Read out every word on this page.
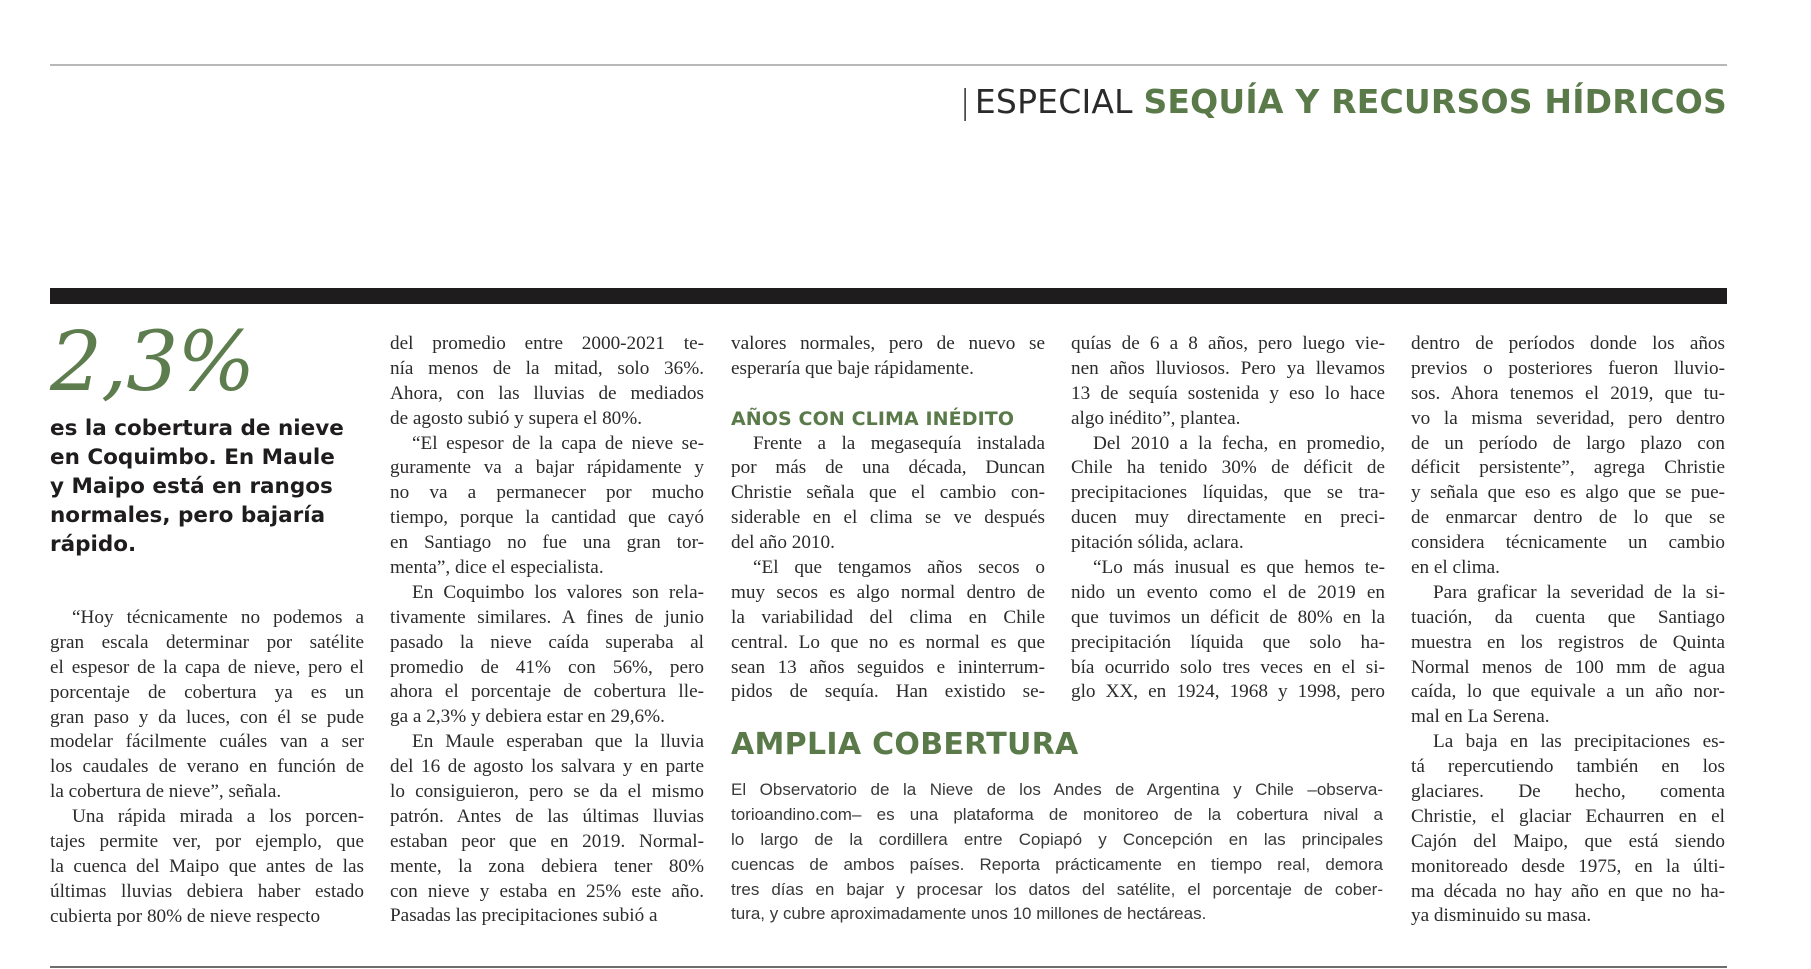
| ESPECIAL SEQUÍA Y RECURSOS HÍDRICOS
2,3%
es la cobertura de nieve
en Coquimbo. En Maule
y Maipo está en rangos
normales, pero bajaría
rápido.
“Hoy técnicamente no podemos a
gran escala determinar por satélite
el espesor de la capa de nieve, pero el
porcentaje de cobertura ya es un
gran paso y da luces, con él se pude
modelar fácilmente cuáles van a ser
los caudales de verano en función de
la cobertura de nieve”, señala.
Una rápida mirada a los porcen-
tajes permite ver, por ejemplo, que
la cuenca del Maipo que antes de las
últimas lluvias debiera haber estado
cubierta por 80% de nieve respecto
del promedio entre 2000-2021 te-
nía menos de la mitad, solo 36%.
Ahora, con las lluvias de mediados
de agosto subió y supera el 80%.
“El espesor de la capa de nieve se-
guramente va a bajar rápidamente y
no va a permanecer por mucho
tiempo, porque la cantidad que cayó
en Santiago no fue una gran tor-
menta”, dice el especialista.
En Coquimbo los valores son rela-
tivamente similares. A fines de junio
pasado la nieve caída superaba al
promedio de 41% con 56%, pero
ahora el porcentaje de cobertura lle-
ga a 2,3% y debiera estar en 29,6%.
En Maule esperaban que la lluvia
del 16 de agosto los salvara y en parte
lo consiguieron, pero se da el mismo
patrón. Antes de las últimas lluvias
estaban peor que en 2019. Normal-
mente, la zona debiera tener 80%
con nieve y estaba en 25% este año.
Pasadas las precipitaciones subió a
valores normales, pero de nuevo se
esperaría que baje rápidamente.
AÑOS CON CLIMA INÉDITO
Frente a la megasequía instalada
por más de una década, Duncan
Christie señala que el cambio con-
siderable en el clima se ve después
del año 2010.
“El que tengamos años secos o
muy secos es algo normal dentro de
la variabilidad del clima en Chile
central. Lo que no es normal es que
sean 13 años seguidos e ininterrum-
pidos de sequía. Han existido se-
quías de 6 a 8 años, pero luego vie-
nen años lluviosos. Pero ya llevamos
13 de sequía sostenida y eso lo hace
algo inédito”, plantea.
Del 2010 a la fecha, en promedio,
Chile ha tenido 30% de déficit de
precipitaciones líquidas, que se tra-
ducen muy directamente en preci-
pitación sólida, aclara.
“Lo más inusual es que hemos te-
nido un evento como el de 2019 en
que tuvimos un déficit de 80% en la
precipitación líquida que solo ha-
bía ocurrido solo tres veces en el si-
glo XX, en 1924, 1968 y 1998, pero
dentro de períodos donde los años
previos o posteriores fueron lluvio-
sos. Ahora tenemos el 2019, que tu-
vo la misma severidad, pero dentro
de un período de largo plazo con
déficit persistente”, agrega Christie
y señala que eso es algo que se pue-
de enmarcar dentro de lo que se
considera técnicamente un cambio
en el clima.
Para graficar la severidad de la si-
tuación, da cuenta que Santiago
muestra en los registros de Quinta
Normal menos de 100 mm de agua
caída, lo que equivale a un año nor-
mal en La Serena.
La baja en las precipitaciones es-
tá repercutiendo también en los
glaciares. De hecho, comenta
Christie, el glaciar Echaurren en el
Cajón del Maipo, que está siendo
monitoreado desde 1975, en la últi-
ma década no hay año en que no ha-
ya disminuido su masa.
AMPLIA COBERTURA
El Observatorio de la Nieve de los Andes de Argentina y Chile –observa-
torioandino.com– es una plataforma de monitoreo de la cobertura nival a
lo largo de la cordillera entre Copiapó y Concepción en las principales
cuencas de ambos países. Reporta prácticamente en tiempo real, demora
tres días en bajar y procesar los datos del satélite, el porcentaje de cober-
tura, y cubre aproximadamente unos 10 millones de hectáreas.
